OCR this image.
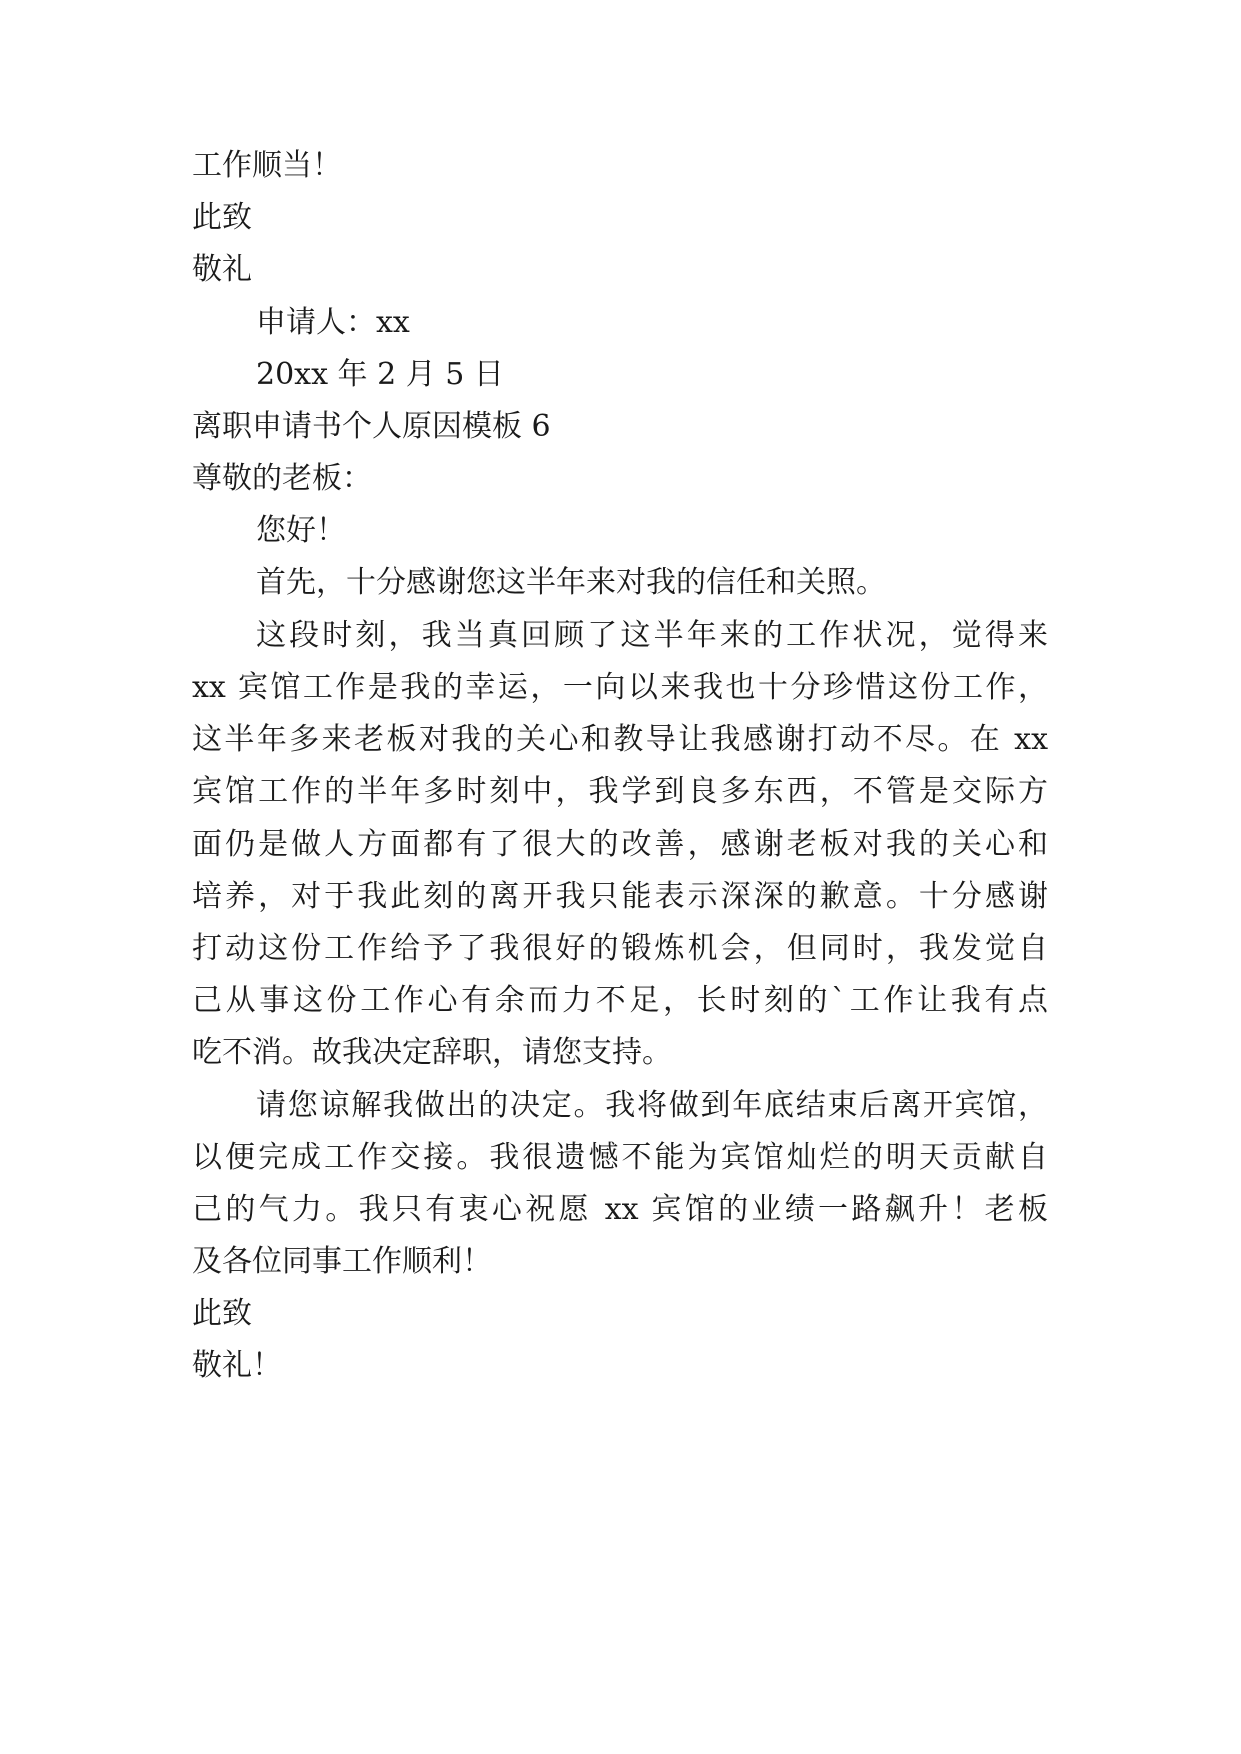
工作顺当！
此致
敬礼
申请人：xx
20xx 年 2 月 5 日
离职申请书个人原因模板 6
尊敬的老板：
您好！
首先，十分感谢您这半年来对我的信任和关照。
这段时刻，我当真回顾了这半年来的工作状况，觉得来
xx 宾馆工作是我的幸运，一向以来我也十分珍惜这份工作，
这半年多来老板对我的关心和教导让我感谢打动不尽。在 xx
宾馆工作的半年多时刻中，我学到良多东西，不管是交际方
面仍是做人方面都有了很大的改善，感谢老板对我的关心和
培养，对于我此刻的离开我只能表示深深的歉意。十分感谢
打动这份工作给予了我很好的锻炼机会，但同时，我发觉自
己从事这份工作心有余而力不足，长时刻的`工作让我有点
吃不消。故我决定辞职，请您支持。
请您谅解我做出的决定。我将做到年底结束后离开宾馆，
以便完成工作交接。我很遗憾不能为宾馆灿烂的明天贡献自
己的气力。我只有衷心祝愿 xx 宾馆的业绩一路飙升！老板
及各位同事工作顺利！
此致
敬礼！
